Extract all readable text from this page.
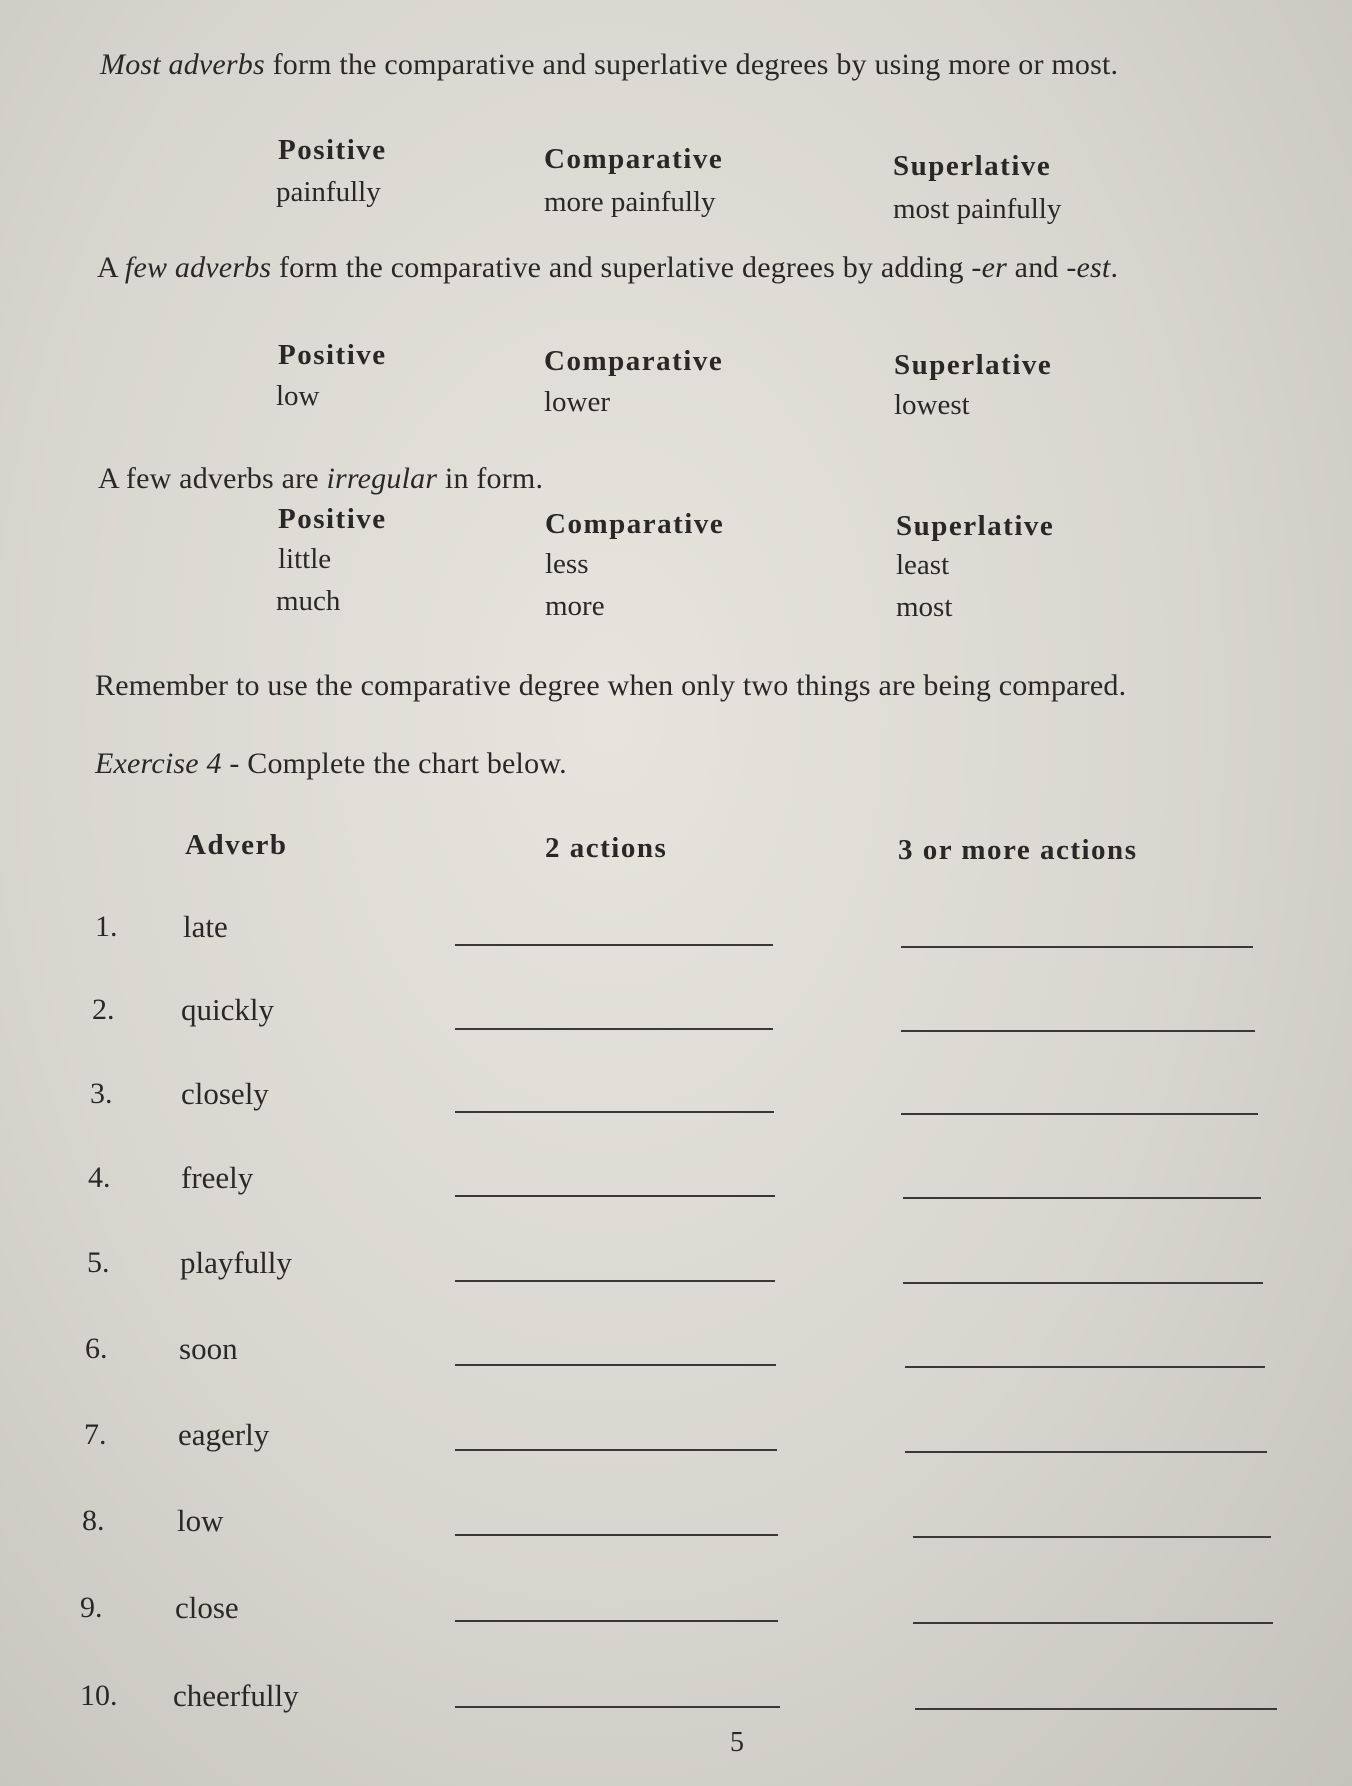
Most adverbs form the comparative and superlative degrees by using more or most.
Positive	Comparative	Superlative
painfully	more painfully	most painfully
A few adverbs form the comparative and superlative degrees by adding -er and -est.
Positive	Comparative	Superlative
low	lower	lowest
A few adverbs are irregular in form.
Positive	Comparative	Superlative
little	less	least
much	more	most
Remember to use the comparative degree when only two things are being compared.
Exercise 4 - Complete the chart below.
Adverb	2 actions	3 or more actions
1. late
2. quickly
3. closely
4. freely
5. playfully
6. soon
7. eagerly
8. low
9. close
10. cheerfully
5
